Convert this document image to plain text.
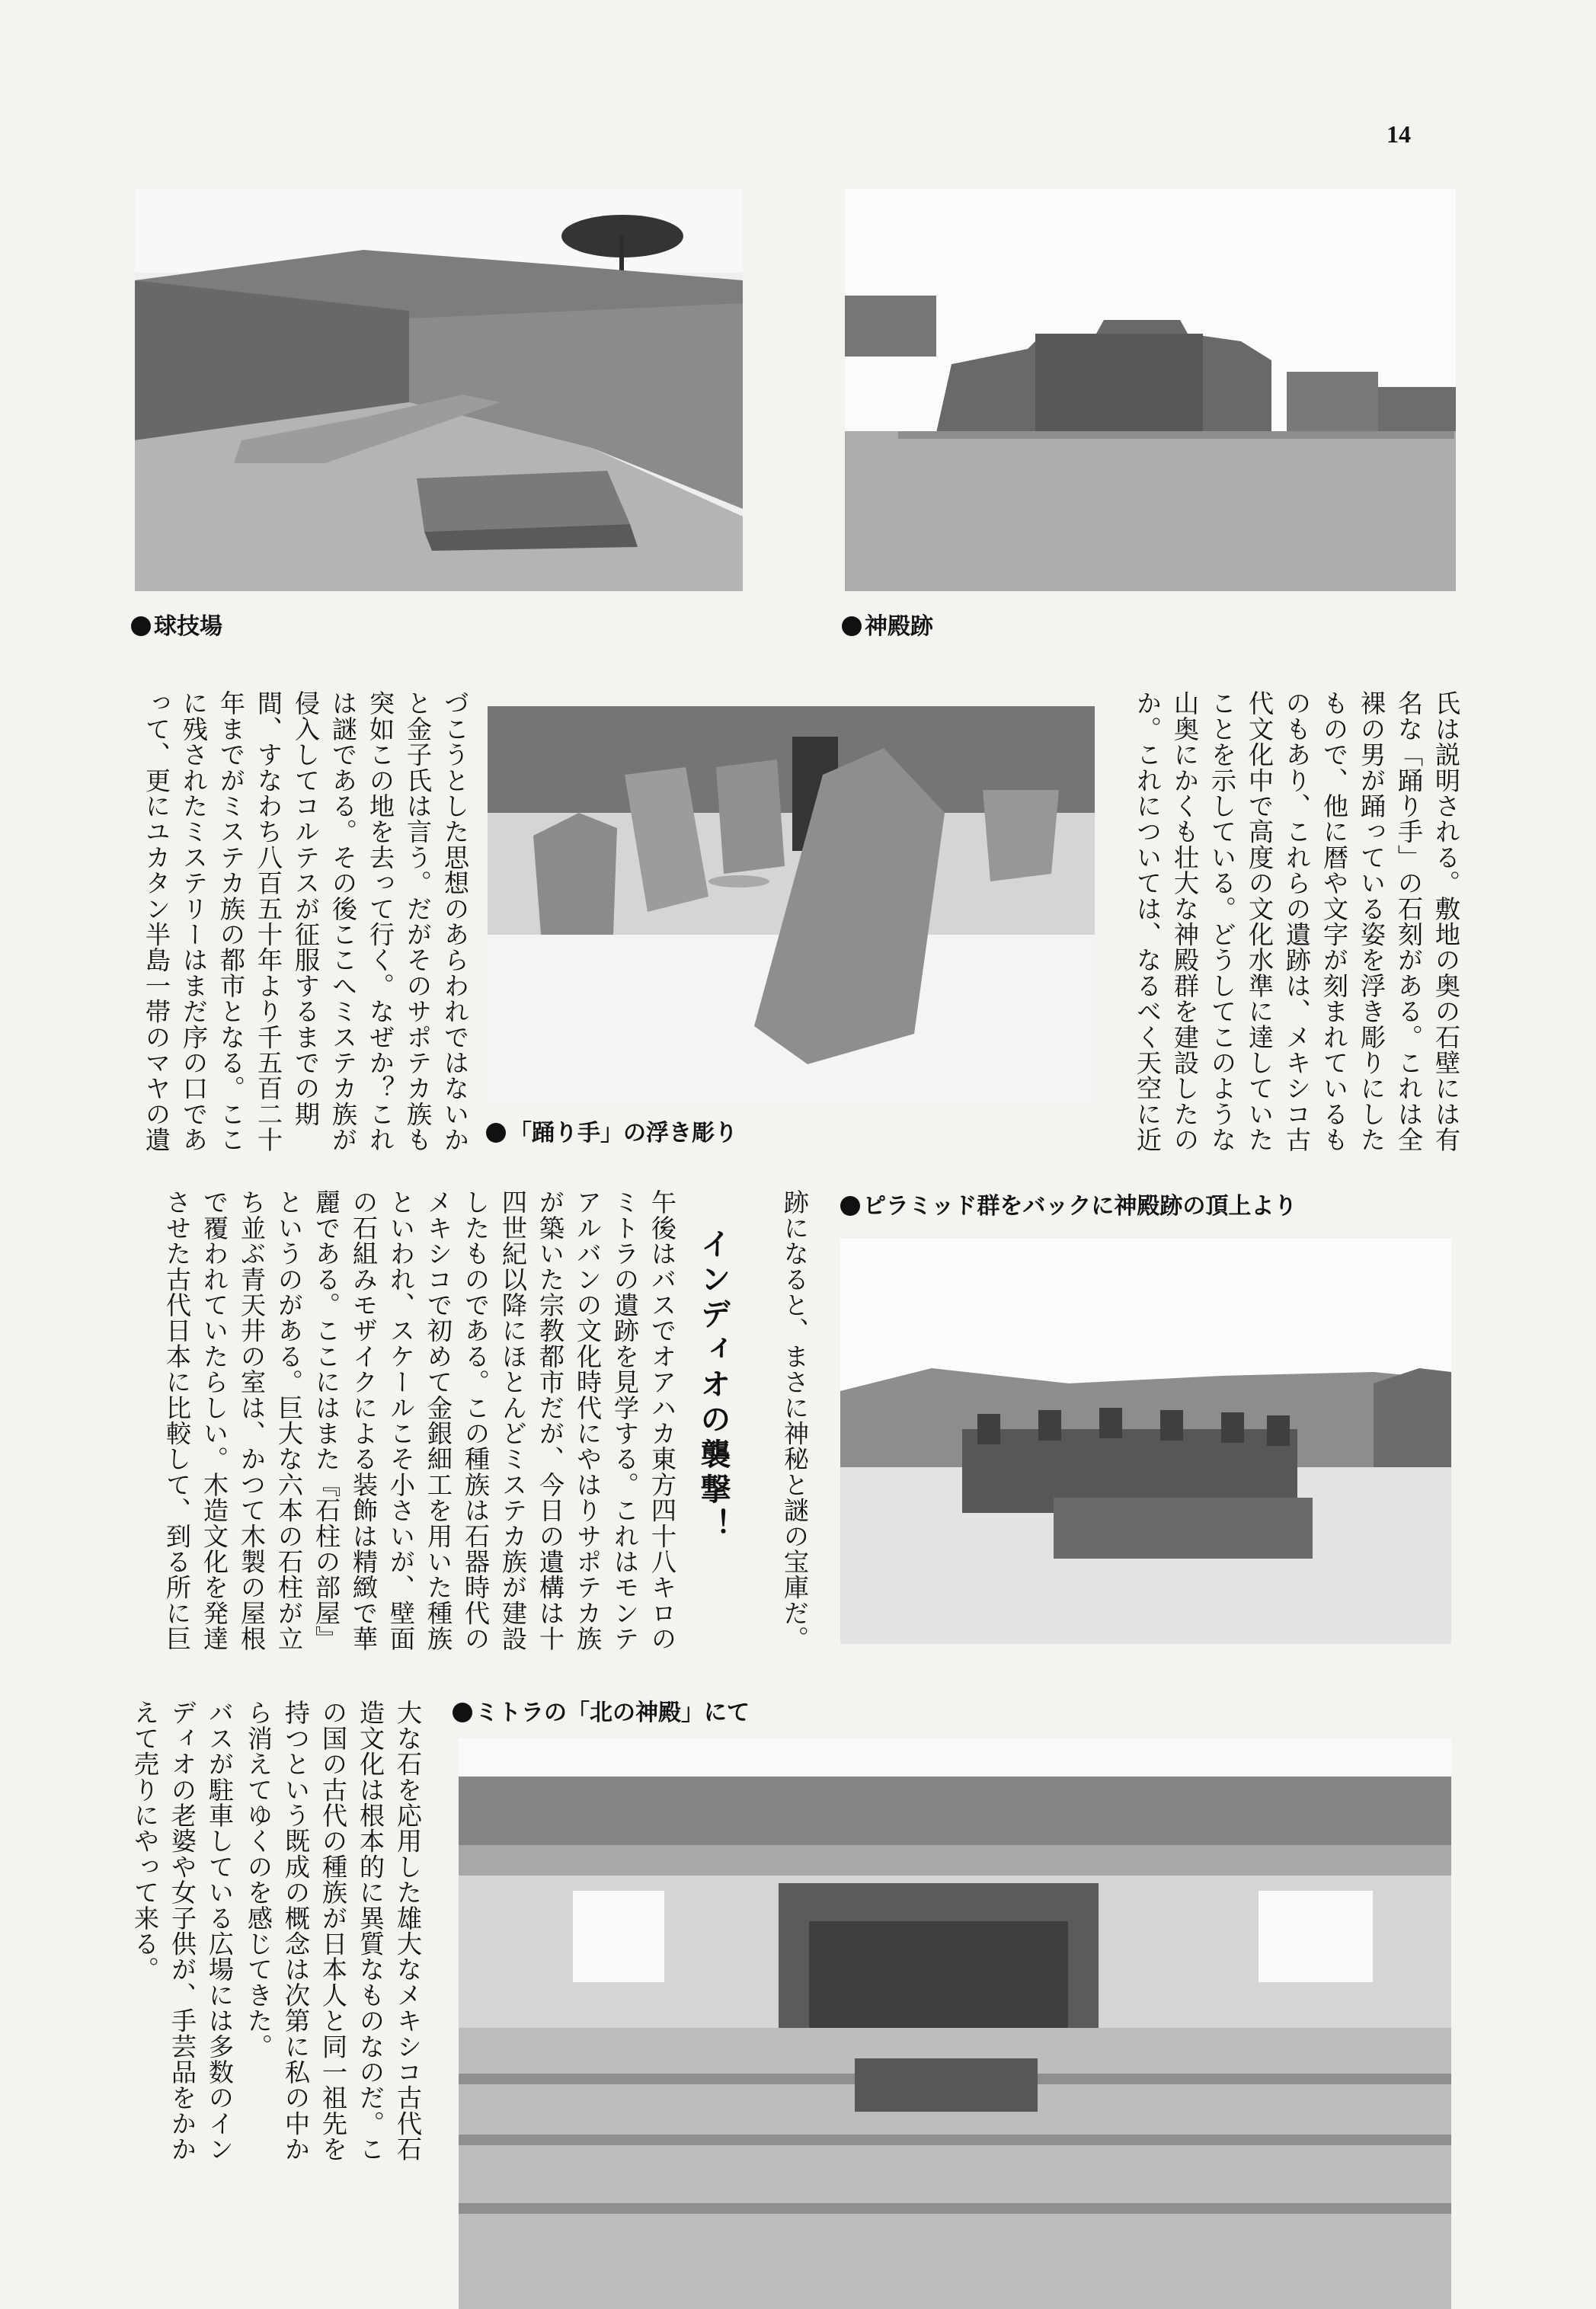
14
球技場	神殿跡

氏は説明される。敷地の奥の石壁には有名な「踊り手」の石刻がある。これは全裸の男が踊っている姿を浮き彫りにしたもので、他に暦や文字が刻まれているものもあり、これらの遺跡は、メキシコ古代文化中で高度の文化水準に達していたことを示している。どうしてこのような山奥にかくも壮大な神殿群を建設したのか。これについては、なるべく天空に近

「踊り手」の浮き彫り

づこうとした思想のあらわれではないかと金子氏は言う。だがそのサポテカ族も突如この地を去って行く。なぜか？これは謎である。その後ここへミステカ族が侵入してコルテスが征服するまでの期間、すなわち八百五十年より千五百二十年までがミステカ族の都市となる。ここに残されたミステリーはまだ序の口であって、更にユカタン半島一帯のマヤの遺

跡になると、まさに神秘と謎の宝庫だ。

インディオの襲撃！

午後はバスでオアハカ東方四十八キロのミトラの遺跡を見学する。これはモンテアルバンの文化時代にやはりサポテカ族が築いた宗教都市だが、今日の遺構は十四世紀以降にほとんどミステカ族が建設したものである。この種族は石器時代のメキシコで初めて金銀細工を用いた種族といわれ、スケールこそ小さいが、壁面の石組みモザイクによる装飾は精緻で華麗である。ここにはまた『石柱の部屋』というのがある。巨大な六本の石柱が立ち並ぶ青天井の室は、かつて木製の屋根で覆われていたらしい。木造文化を発達させた古代日本に比較して、到る所に巨	ピラミッド群をバックに神殿跡の頂上より

大な石を応用した雄大なメキシコ古代石造文化は根本的に異質なものなのだ。この国の古代の種族が日本人と同一祖先を持つという既成の概念は次第に私の中から消えてゆくのを感じてきた。

バスが駐車している広場には多数のインディオの老婆や女子供が、手芸品をかかえて売りにやって来る。	ミトラの「北の神殿」にて
